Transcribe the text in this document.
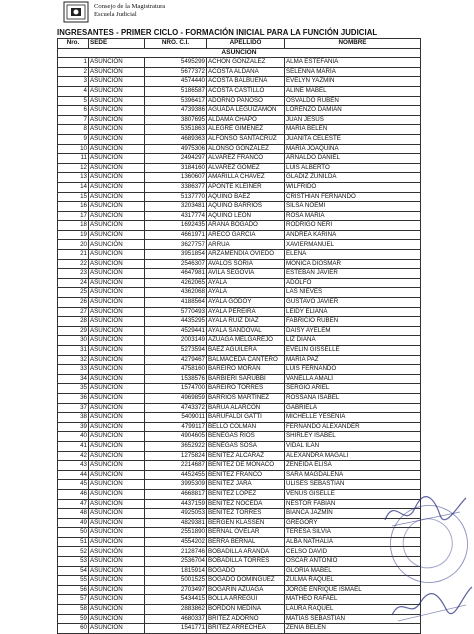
Consejo de la Magistratura
Escuela Judicial
INGRESANTES - PRIMER CICLO - FORMACIÓN INICIAL PARA LA FUNCIÓN JUDICIAL
Nro.	SEDE	NRO. C.I.	APELLIDO	NOMBRE
ASUNCIÓN				
1	ASUNCIÓN	5495299	ACHON GONZALEZ	ALMA ESTEFANIA
2	ASUNCIÓN	5677372	ACOSTA ALDANA	SELENNA MARÍA
3	ASUNCIÓN	4574440	ACOSTA BALBUENA	EVELYN YAZMIN
4	ASUNCIÓN	5186587	ACOSTA CASTILLO	ALINE MABEL
5	ASUNCIÓN	5396417	ADORNO PANOSO	OSVALDO RUBÉN
6	ASUNCIÓN	4739386	AGUADA LEGUIZAMÓN	LORENZO DAMIÁN
7	ASUNCIÓN	3807695	ALDAMA CHAPO	JUAN JESUS
8	ASUNCIÓN	5351863	ALEGRE GIMENEZ	MARIA BELEN
9	ASUNCIÓN	4689363	ALFONSO SANTACRUZ	JUANITA CELESTE
10	ASUNCIÓN	4975306	ALONSO GONZÁLEZ	MARIA JOAQUINA
11	ASUNCIÓN	2494297	ALVAREZ FRANCO	ARNALDO DANIEL
12	ASUNCIÓN	3184160	ALVAREZ GÓMEZ	LUIS ALBERTO
13	ASUNCIÓN	1360607	AMARILLA CHAVEZ	GLADIZ ZUNILDA
14	ASUNCIÓN	3386377	APONTE KLEINER	WILFRIDO
15	ASUNCIÓN	5137770	AQUINO BAEZ	CRISTHIAN FERNANDO
16	ASUNCIÓN	3203481	AQUINO BARRIOS	SILSA NOEMI
17	ASUNCIÓN	4317774	AQUINO LEÓN	ROSA MARIA
18	ASUNCIÓN	1692435	ARANA BOGADO	RODRIGO NERI
19	ASUNCIÓN	4661971	ARECO GARCIA	ANDREA KARINA
20	ASUNCIÓN	3627757	ARRUA	XAVIERMANUEL
21	ASUNCIÓN	3951854	ARZAMENDIA OVIEDO	ELENA
22	ASUNCIÓN	2546307	AVALOS SORIA	MONICA DIOSMAR
23	ASUNCIÓN	4647981	AVILA SEGOVIA	ESTEBAN JAVIER
24	ASUNCIÓN	4262065	AYALA	ADOLFO
25	ASUNCIÓN	4362068	AYALA	LAS NIEVES
26	ASUNCIÓN	4188564	AYALA GODOY	GUSTAVO JAVIER
27	ASUNCIÓN	5770493	AYALA PEREIRA	LEIDY ELIANA
28	ASUNCIÓN	4435295	AYALA RUIZ DIAZ	FABRICIO RUBEN
29	ASUNCIÓN	4529441	AYALA SANDOVAL	DAISY AYELEM
30	ASUNCIÓN	2003149	AZUAGA MELGAREJO	LIZ DIANA
31	ASUNCIÓN	5273594	BÁEZ AGUILERA	EVELIN GISSELLE
32	ASUNCIÓN	4279467	BALMACEDA CANTERO	MARIA PAZ
33	ASUNCIÓN	4758160	BAREIRO MORÁN	LUIS FERNANDO
34	ASUNCIÓN	1538576	BARBIERI SARUBBI	VANELLA AMALÍ
35	ASUNCIÓN	1574700	BAREIRO TORRES	SERGIO ARIEL
36	ASUNCIÓN	4969859	BARRIOS MARTÍNEZ	ROSSANA ISABEL
37	ASUNCIÓN	4743372	BARÚA ALARCÓN	GABRIELA
38	ASUNCIÓN	5409011	BARUFALDI GATTI	MICHELLE YESENIA
39	ASUNCIÓN	4799117	BELLO COLMAN	FERNANDO ALEXANDER
40	ASUNCIÓN	4904605	BENEGAS RIOS	SHIRLEY ISABEL
41	ASUNCIÓN	3652922	BENEGAS SOSA	VIDAL ILÁN
42	ASUNCIÓN	1275824	BENITEZ ALCARAZ	ALEXANDRA MAGALI
43	ASUNCIÓN	2214687	BENITEZ DE MÓNACO	ZENEIDA ELISA
44	ASUNCIÓN	4452455	BENITEZ FRANCO	SARA MAGDALENA
45	ASUNCIÓN	3995309	BENITEZ JARA	ULISES SEBASTIAN
46	ASUNCIÓN	4668817	BENITEZ LÓPEZ	VENUS GISELLE
47	ASUNCIÓN	4437159	BENITEZ NOCEDA	NESTOR FABIÁN
48	ASUNCIÓN	4925053	BENITEZ TORRES	BIANCA JAZMÍN
49	ASUNCIÓN	4829381	BERGEN KLASSEN	GREGORY
50	ASUNCIÓN	2551890	BERNAL OVELAR	TERESA SILVIA
51	ASUNCIÓN	4554202	BERRA BERNAL	ALBA NATHALIA
52	ASUNCIÓN	2128746	BOBADILLA ARANDA	CELSO DAVID
53	ASUNCIÓN	2536704	BOBADILLA TORRES	OSCAR ANTONIO
54	ASUNCIÓN	1815914	BOGADO	GLORIA MABEL
55	ASUNCIÓN	5001525	BOGADO DOMINGUEZ	ZULMA RAQUEL
56	ASUNCIÓN	2703497	BOGARIN AZUAGA	JORGE ENRIQUE ISMAEL
57	ASUNCIÓN	5434415	BOLLA ARREGUI	MATHEO RAFAEL
58	ASUNCIÓN	2883862	BORDON MEDINA	LAURA RAQUEL
59	ASUNCIÓN	4680337	BRITEZ ADORNO	MATIAS SEBASTIAN
60	ASUNCIÓN	1541771	BRITEZ ARRECHEA	ZENIA BELÉN
